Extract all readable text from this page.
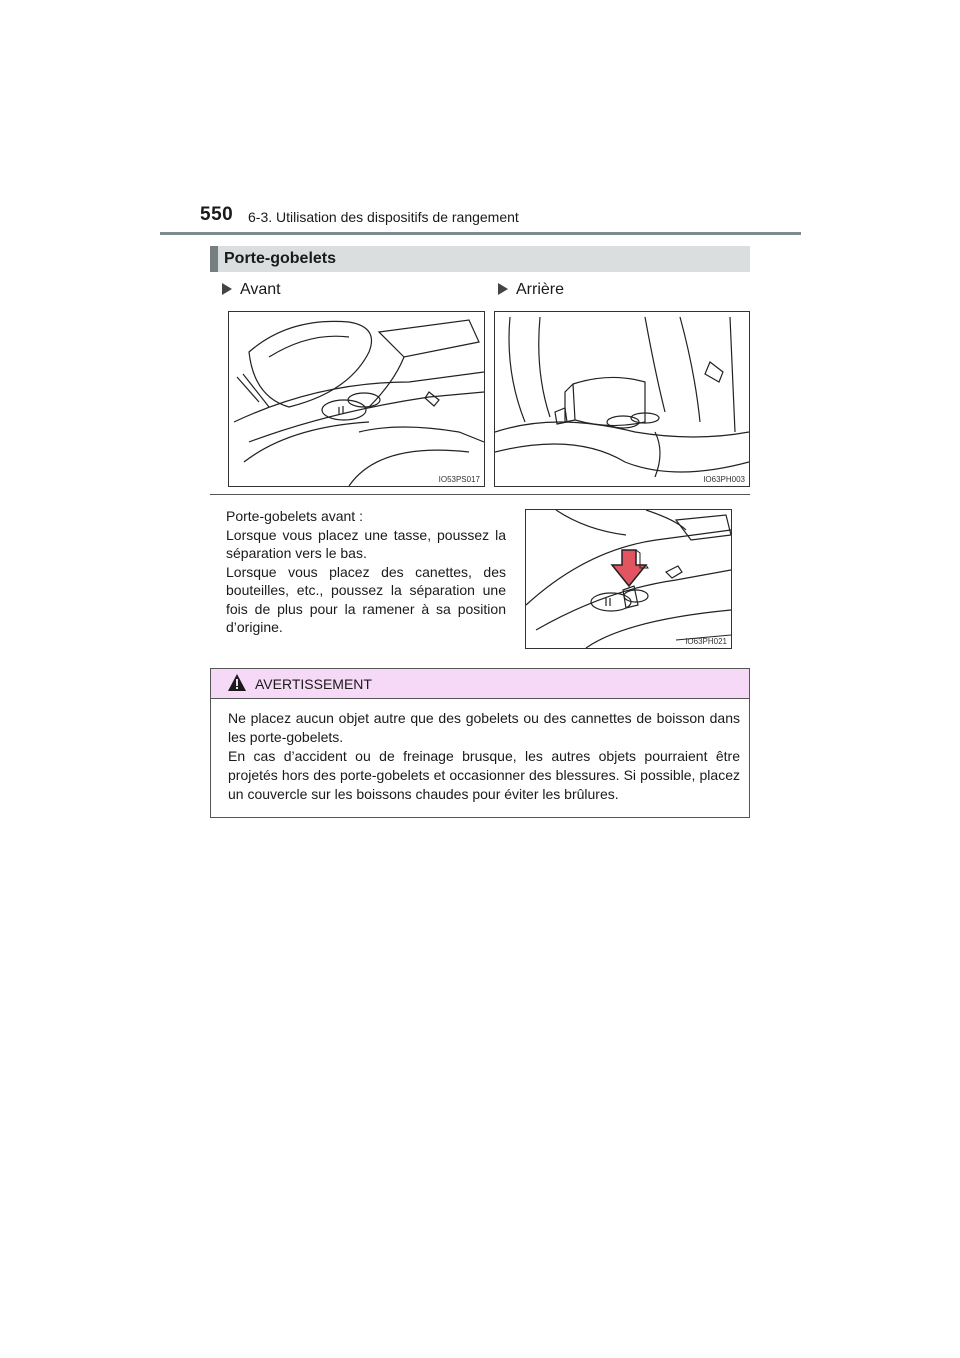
550 6-3. Utilisation des dispositifs de rangement
Porte-gobelets
Avant	Arrière
IO53PS017	IO63PH003
Porte-gobelets avant :
Lorsque vous placez une tasse, poussez la séparation vers le bas.
Lorsque vous placez des canettes, des bouteilles, etc., poussez la séparation une fois de plus pour la ramener à sa position d’origine.
IO63PH021
AVERTISSEMENT
Ne placez aucun objet autre que des gobelets ou des cannettes de boisson dans les porte-gobelets.
En cas d’accident ou de freinage brusque, les autres objets pourraient être projetés hors des porte-gobelets et occasionner des blessures. Si possible, placez un couvercle sur les boissons chaudes pour éviter les brûlures.
